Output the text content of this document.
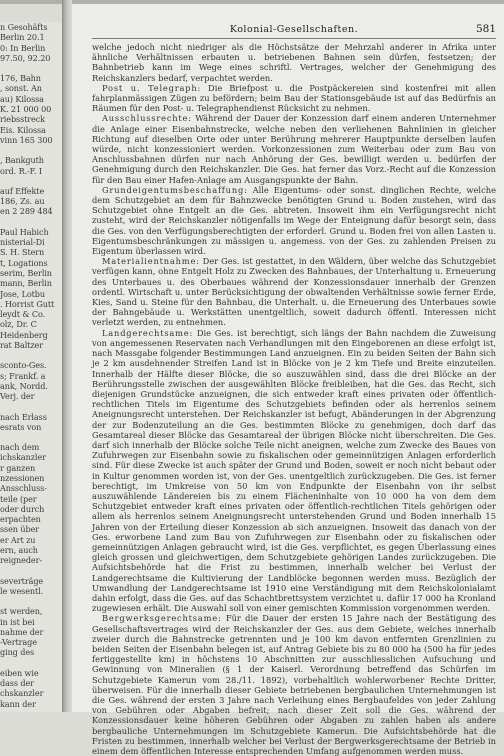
n Gesohäfts
Berlin 20.1
0: In Berlin
97.50, 92.20
176, Bahn
, sonst. An
au) Kilossa
K. 21 000 00
riebsstreck
Eis. Kilossa
vinn 165 300
, Bankguth
ord. R.-F. I
auf Effekte
186, Zs. au
en 2 289 484
Paul Habich
nisterial-Di
S. H. Stern
t, Logations
serim, Berlin
mann, Berlin
Jose, Lotbu
. Horrist Gutt
leydt & Co.
olz, Dr. C
Heidenberg
rat Baltzer
sconto-Ges.
s; Frankf. a
ank, Nordd.
Verj. der
nach Erlass
esrats von
nach dem
ichskanzler
r ganzen
nzessionen
Ansschluss-
teile (per
oder durch
erpachten
ssen über
er Art zu
ern, auch
reigneder-
severträge
le wesentl.
st werden,
in ist bei
nahme der
-Vertrage
ging des
eiben wie
dass der
chskanzler
kann der
Kolonial-Gesellschaften.	581

welche jedoch nicht niedriger als die Höchstsätze der Mehrzahl anderer in Afrika unter ähnliche Verhältnissen erbauten u. betriebenen Bahnen sein dürfen, festsetzen; der Bahnbetrieb kann im Wege eines schriftl. Vertrages, welcher der Genehmigung des Reichskanzlers bedarf, verpachtet werden.

Post u. Telegraph: Die Briefpost u. die Postpäckereien sind kostenfrei mit allen fahrplanmässigen Zügen zu befördern; beim Bau der Stationsgebäude ist auf das Bedürfnis an Räumen für den Post- u. Telegraphendienst Rücksicht zu nehmen.

Ausschlussrechte: Während der Dauer der Konzession darf einem anderen Unternehmer die Anlage einer Eisenbahnstrecke, welche neben den verliehenen Bahnlinien in gleicher Richtung auf dieselben Orte oder unter Berührung mehrerer Hauptpunkte derselben laufen würde, nicht konzessioniert werden. Vorkonzessionen zum Weiterbau oder zum Bau von Anschlussbahnen dürfen nur nach Anhörung der Ges. bewilligt werden u. bedürfen der Genehmigung durch den Reichskanzler. Die Ges. hat ferner das Vorz.-Recht auf die Konzession für den Bau einer Hafen-Anlage am Ausgangspunkte der Bahn.

Grundeigentumsbeschaffung: Alle Eigentums- oder sonst. dinglichen Rechte, welche dem Schutzgebiet an dem für Bahnzwecke benötigten Grund u. Boden zustehen, wird das Schutzgebiet ohne Entgelt an die Ges. abtreten. Insoweit ihm ein Verfügungsrecht nicht zusteht, wird der Reichskanzler nötigenfalls im Wege der Enteignung dafür besorgt sein, dass die Ges. von den Verfügungsberechtigten der erforderl. Grund u. Boden frei von allen Lasten u. Eigentumsbeschränkungen zu mässigen u. angemess. von der Ges. zu zahlenden Preisen zu Eigentum überlassen wird.

Materialientnahme: Der Ges. ist gestattet, in den Wäldern, über welche das Schutzgebiet verfügen kann, ohne Entgelt Holz zu Zwecken des Bahnbaues, der Unterhaltung u. Erneuerung des Unterbaues u. des Oberbaues während der Konzessionsdauer innerhalb der Grenzen ordentl. Wirtschaft u. unter Berücksichtigung der obwaltenden Verhältnisse sowie ferner Erde, Kies, Sand u. Steine für den Bahnbau, die Unterhalt. u. die Erneuerung des Unterbaues sowie der Bahngebäude u. Werkstätten unentgeltlich, soweit dadurch öffentl. Interessen nicht verletzt werden, zu entnehmen.

Landgerechtsame: Die Ges. ist berechtigt, sich längs der Bahn nachdem die Zuweisung von angemessenen Reservaten nach Verhandlungen mit den Eingeborenen an diese erfolgt ist, nach Massgabe folgender Bestimmungen Land anzueignen. Ein zu beiden Seiten der Bahn sich je 2 km ausdehnender Streifen Land ist in Blöcke von je 2 km Tiefe und Breite einzuteilen. Innerhalb der Hälfte dieser Blöcke, die so auszuwählen sind, dass die drei Blöcke an der Berührungsstelle zwischen der ausgewählten Blöcke freibleiben, hat die Ges. das Recht, sich diejenigen Grundstücke anzueignen, die sich entweder kraft eines privaten oder öffentlich-rechtlichen Titels im Eigentume des Schutzgebiets befinden oder als herrenlos seinem Aneignungsrecht unterstehen. Der Reichskanzler ist befugt, Abänderungen in der Abgrenzung der zur Bodenzuteilung an die Ges. bestimmten Blöcke zu genehmigen, doch darf das Gesamtareal dieser Blöcke das Gesamtareal der übrigen Blöcke nicht überschreiten. Die Ges. darf sich innerhalb der Blöcke solche Teile nicht aneignen, welche zum Zwecke des Baues von Zufuhrwegen zur Eisenbahn sowie zu fiskalischen oder gemeinnützigen Anlagen erforderlich sind. Für diese Zwecke ist auch später der Grund und Boden, soweit er noch nicht bebaut oder in Kultur genommen worden ist, von der Ges. unentgeltlich zurückzugeben. Die Ges. ist ferner berechtigt, im Umkreise von 50 km von Endpunkte der Eisenbahn von ihr selbst auszuwählende Ländereien bis zu einem Flächeninhalte von 10 000 ha von dem dem Schutzgebiet entweder kraft eines privaten oder öffentlich-rechtlichen Titels gehörigen oder allem als herrenlos seinem Aneignungsrecht unterstehenden Grund und Boden innerhalb 15 Jahren von der Erteilung dieser Konzession ab sich anzueignen. Insoweit das danach von der Ges. erworbene Land zum Bau von Zufuhrwegen zur Eisenbahn oder zu fiskalischen oder gemeinnützigen Anlagen gebraucht wird, ist die Ges. verpflichtet, es gegen Überlassung eines gleich grossen und gleichwertigen, dem Schutzgebiete gehörigen Landes zurückzugeben. Die Aufsichtsbehörde hat die Frist zu bestimmen, innerhalb welcher bei Verlust der Landgerechtsame die Kultivierung der Landblöcke begonnen werden muss. Bezüglich der Umwandlung der Landgerechtsame ist 1910 eine Verständigung mit dem Reichskolonialamt dahin erfolgt, dass die Ges. auf das Schachtbrettsystem verzichtet u. dafür 17 000 ha Kronland zugewiesen erhält. Die Auswahl soll von einer gemischten Kommission vorgenommen werden.

Bergwerksgerechtsame: Für die Dauer der ersten 15 Jahre nach der Bestätigung des Gesellschaftsvertrages wird der Reichskanzler der Ges. aus dem Gebiete, welches innerhalb zweier durch die Bahnstrecke getrennten und je 100 km davon entfernten Grenzlinien zu beiden Seiten der Eisenbahn belegen ist, auf Antrag Gebiete bis zu 80 000 ha (500 ha für jedes fertiggestellte km) in höchstens 10 Abschnitten zur ausschliesslichen Aufsuchung und Gewinnung von Mineralien (§ 1 der Kaiserl. Verordnung betreffend das Schürfen im Schutzgebiete Kamerun vom 28./11. 1892), vorbehaltlich wohlerworbener Rechte Dritter, überweisen. Für die innerhalb dieser Gebiete betriebenen bergbaulichen Unternehmungen ist die Ges. während der ersten 3 Jahre nach Verleihung eines Bergbaufeldes von jeder Zahlung von Gebühren oder Abgaben befreit; nach dieser Zeit soll die Ges. während der Konzessionsdauer keine höheren Gebühren oder Abgaben zu zahlen haben als andere bergbauliche Unternehmungen im Schutzgebiete Kamerun. Die Aufsichtsbehörde hat die Fristen zu bestimmen, innerhalb welcher bei Verlust der Bergwerksgerechtsame der Betrieb in einem dem öffentlichen Interesse entsprechenden Umfang aufgenommen werden muss.
